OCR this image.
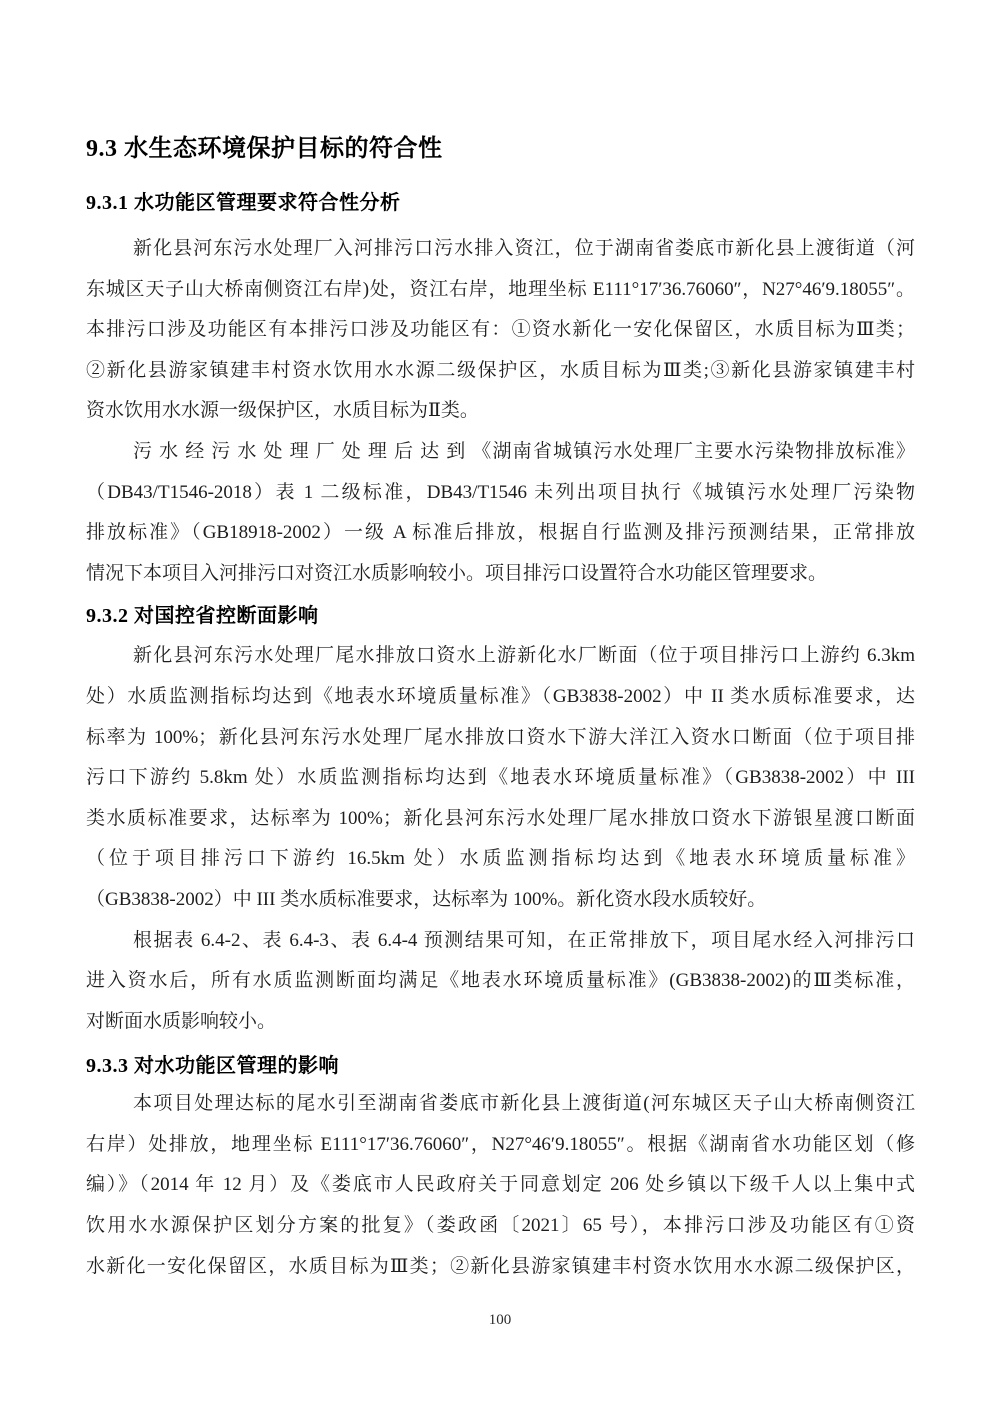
9.3 水生态环境保护目标的符合性
9.3.1 水功能区管理要求符合性分析
新化县河东污水处理厂入河排污口污水排入资江，位于湖南省娄底市新化县上渡街道（河
东城区天子山大桥南侧资江右岸)处，资江右岸，地理坐标 E111°17′36.76060″，N27°46′9.18055″。
本排污口涉及功能区有本排污口涉及功能区有：①资水新化一安化保留区，水质目标为Ⅲ类；
②新化县游家镇建丰村资水饮用水水源二级保护区，水质目标为Ⅲ类;③新化县游家镇建丰村
资水饮用水水源一级保护区，水质目标为Ⅱ类。
污 水 经 污 水 处 理 厂 处 理 后 达 到 《湖南省城镇污水处理厂主要水污染物排放标准》
（DB43/T1546-2018）表 1 二级标准，DB43/T1546 未列出项目执行《城镇污水处理厂污染物
排放标准》（GB18918-2002）一级 A 标准后排放，根据自行监测及排污预测结果，正常排放
情况下本项目入河排污口对资江水质影响较小。项目排污口设置符合水功能区管理要求。
9.3.2 对国控省控断面影响
新化县河东污水处理厂尾水排放口资水上游新化水厂断面（位于项目排污口上游约 6.3km
处）水质监测指标均达到《地表水环境质量标准》（GB3838-2002）中 II 类水质标准要求，达
标率为 100%；新化县河东污水处理厂尾水排放口资水下游大洋江入资水口断面（位于项目排
污口下游约 5.8km 处）水质监测指标均达到《地表水环境质量标准》（GB3838-2002）中 III
类水质标准要求，达标率为 100%；新化县河东污水处理厂尾水排放口资水下游银星渡口断面
（位于项目排污口下游约 16.5km 处）水质监测指标均达到《地表水环境质量标准》
（GB3838-2002）中 III 类水质标准要求，达标率为 100%。新化资水段水质较好。
根据表 6.4-2、表 6.4-3、表 6.4-4 预测结果可知，在正常排放下，项目尾水经入河排污口
进入资水后，所有水质监测断面均满足《地表水环境质量标准》(GB3838-2002)的Ⅲ类标准，
对断面水质影响较小。
9.3.3 对水功能区管理的影响
本项目处理达标的尾水引至湖南省娄底市新化县上渡街道(河东城区天子山大桥南侧资江
右岸）处排放，地理坐标 E111°17′36.76060″，N27°46′9.18055″。根据《湖南省水功能区划（修
编）》（2014 年 12 月）及《娄底市人民政府关于同意划定 206 处乡镇以下级千人以上集中式
饮用水水源保护区划分方案的批复》（娄政函〔2021〕65 号），本排污口涉及功能区有①资
水新化一安化保留区，水质目标为Ⅲ类；②新化县游家镇建丰村资水饮用水水源二级保护区，
100
